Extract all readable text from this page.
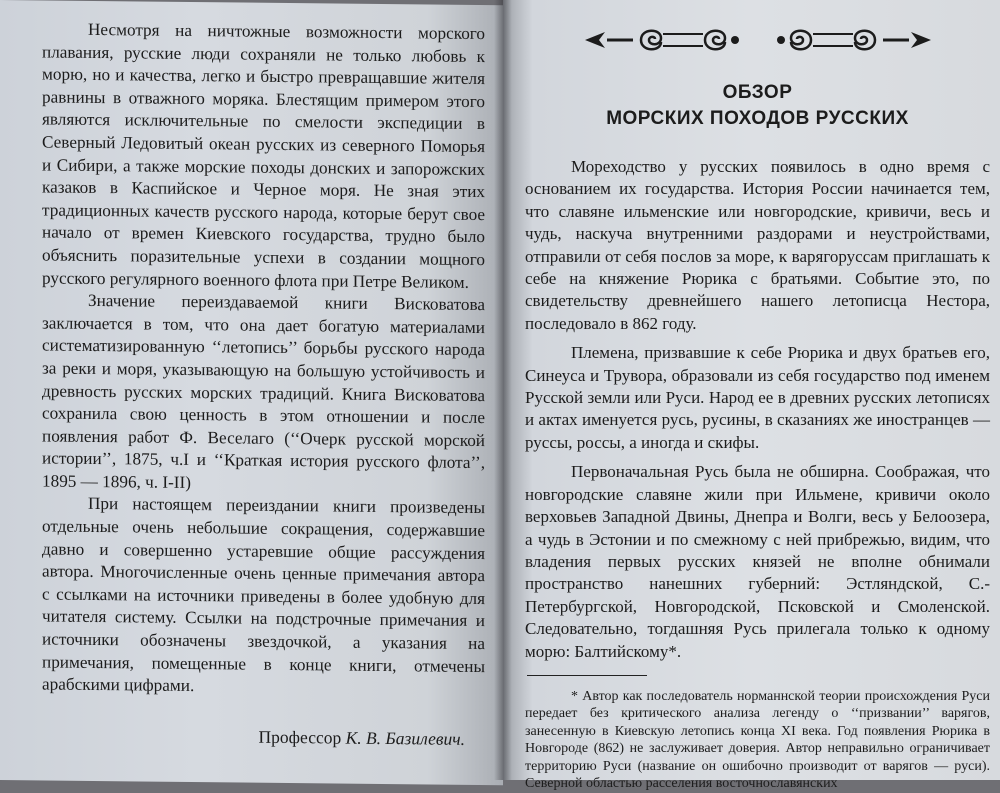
Несмотря на ничтожные возможности морского плавания, русские люди сохраняли не только любовь к морю, но и качества, легко и быстро превращавшие жителя равнины в отважного моряка. Блестящим примером этого являются исключительные по смелости экспедиции в Северный Ледовитый океан русских из северного Поморья и Сибири, а также морские походы донских и запорожских казаков в Каспийское и Черное моря. Не зная этих традиционных качеств русского народа, которые берут свое начало от времен Киевского государства, трудно было объяснить поразительные успехи в создании мощного русского регулярного военного флота при Петре Великом.

Значение переиздаваемой книги Висковатова заключается в том, что она дает богатую материалами систематизированную ‘‘летопись’’ борьбы русского народа за реки и моря, указывающую на большую устойчивость и древность русских морских традиций. Книга Висковатова сохранила свою ценность в этом отношении и после появления работ Ф. Веселаго (‘‘Очерк русской морской истории’’, 1875, ч.I и ‘‘Краткая история русского флота’’, 1895 — 1896, ч. I-II)

При настоящем переиздании книги произведены отдельные очень небольшие сокращения, содержавшие давно и совершенно устаревшие общие рассуждения автора. Многочисленные очень ценные примечания автора с ссылками на источники приведены в более удобную для читателя систему. Ссылки на подстрочные примечания и источники обозначены звездочкой, а указания на примечания, помещенные в конце книги, отмечены арабскими цифрами.

Профессор К. В. Базилевич.
ОБЗОР
МОРСКИХ ПОХОДОВ РУССКИХ

Мореходство у русских появилось в одно время с основанием их государства. История России начинается тем, что славяне ильменские или новгородские, кривичи, весь и чудь, наскуча внутренними раздорами и неустройствами, отправили от себя послов за море, к варягорусcам приглашать к себе на княжение Рюрика с братьями. Событие это, по свидетельству древнейшего нашего летописца Нестора, последовало в 862 году.

Племена, призвавшие к себе Рюрика и двух братьев его, Синеуса и Трувора, образовали из себя государство под именем Русской земли или Руси. Народ ее в древних русских летописях и актах именуется русь, русины, в сказаниях же иностранцев — руссы, россы, а иногда и скифы.

Первоначальная Русь была не обширна. Соображая, что новгородские славяне жили при Ильмене, кривичи около верховьев Западной Двины, Днепра и Волги, весь у Белоозера, а чудь в Эстонии и по смежному с ней прибрежью, видим, что владения первых русских князей не вполне обнимали пространство нанешних губерний: Эстляндской, С.-Петербургской, Новгородской, Псковской и Смоленской. Следовательно, тогдашняя Русь прилегала только к одному морю: Балтийскому*.

* Автор как последователь норманнской теории происхождения Руси передает без критического анализа легенду о ‘‘призвании’’ варягов, занесенную в Киевскую летопись конца XI века. Год появления Рюрика в Новгороде (862) не заслуживает доверия. Автор неправильно ограничивает территорию Руси (название он ошибочно производит от варягов — руси). Северной областью расселения восточнославянских
